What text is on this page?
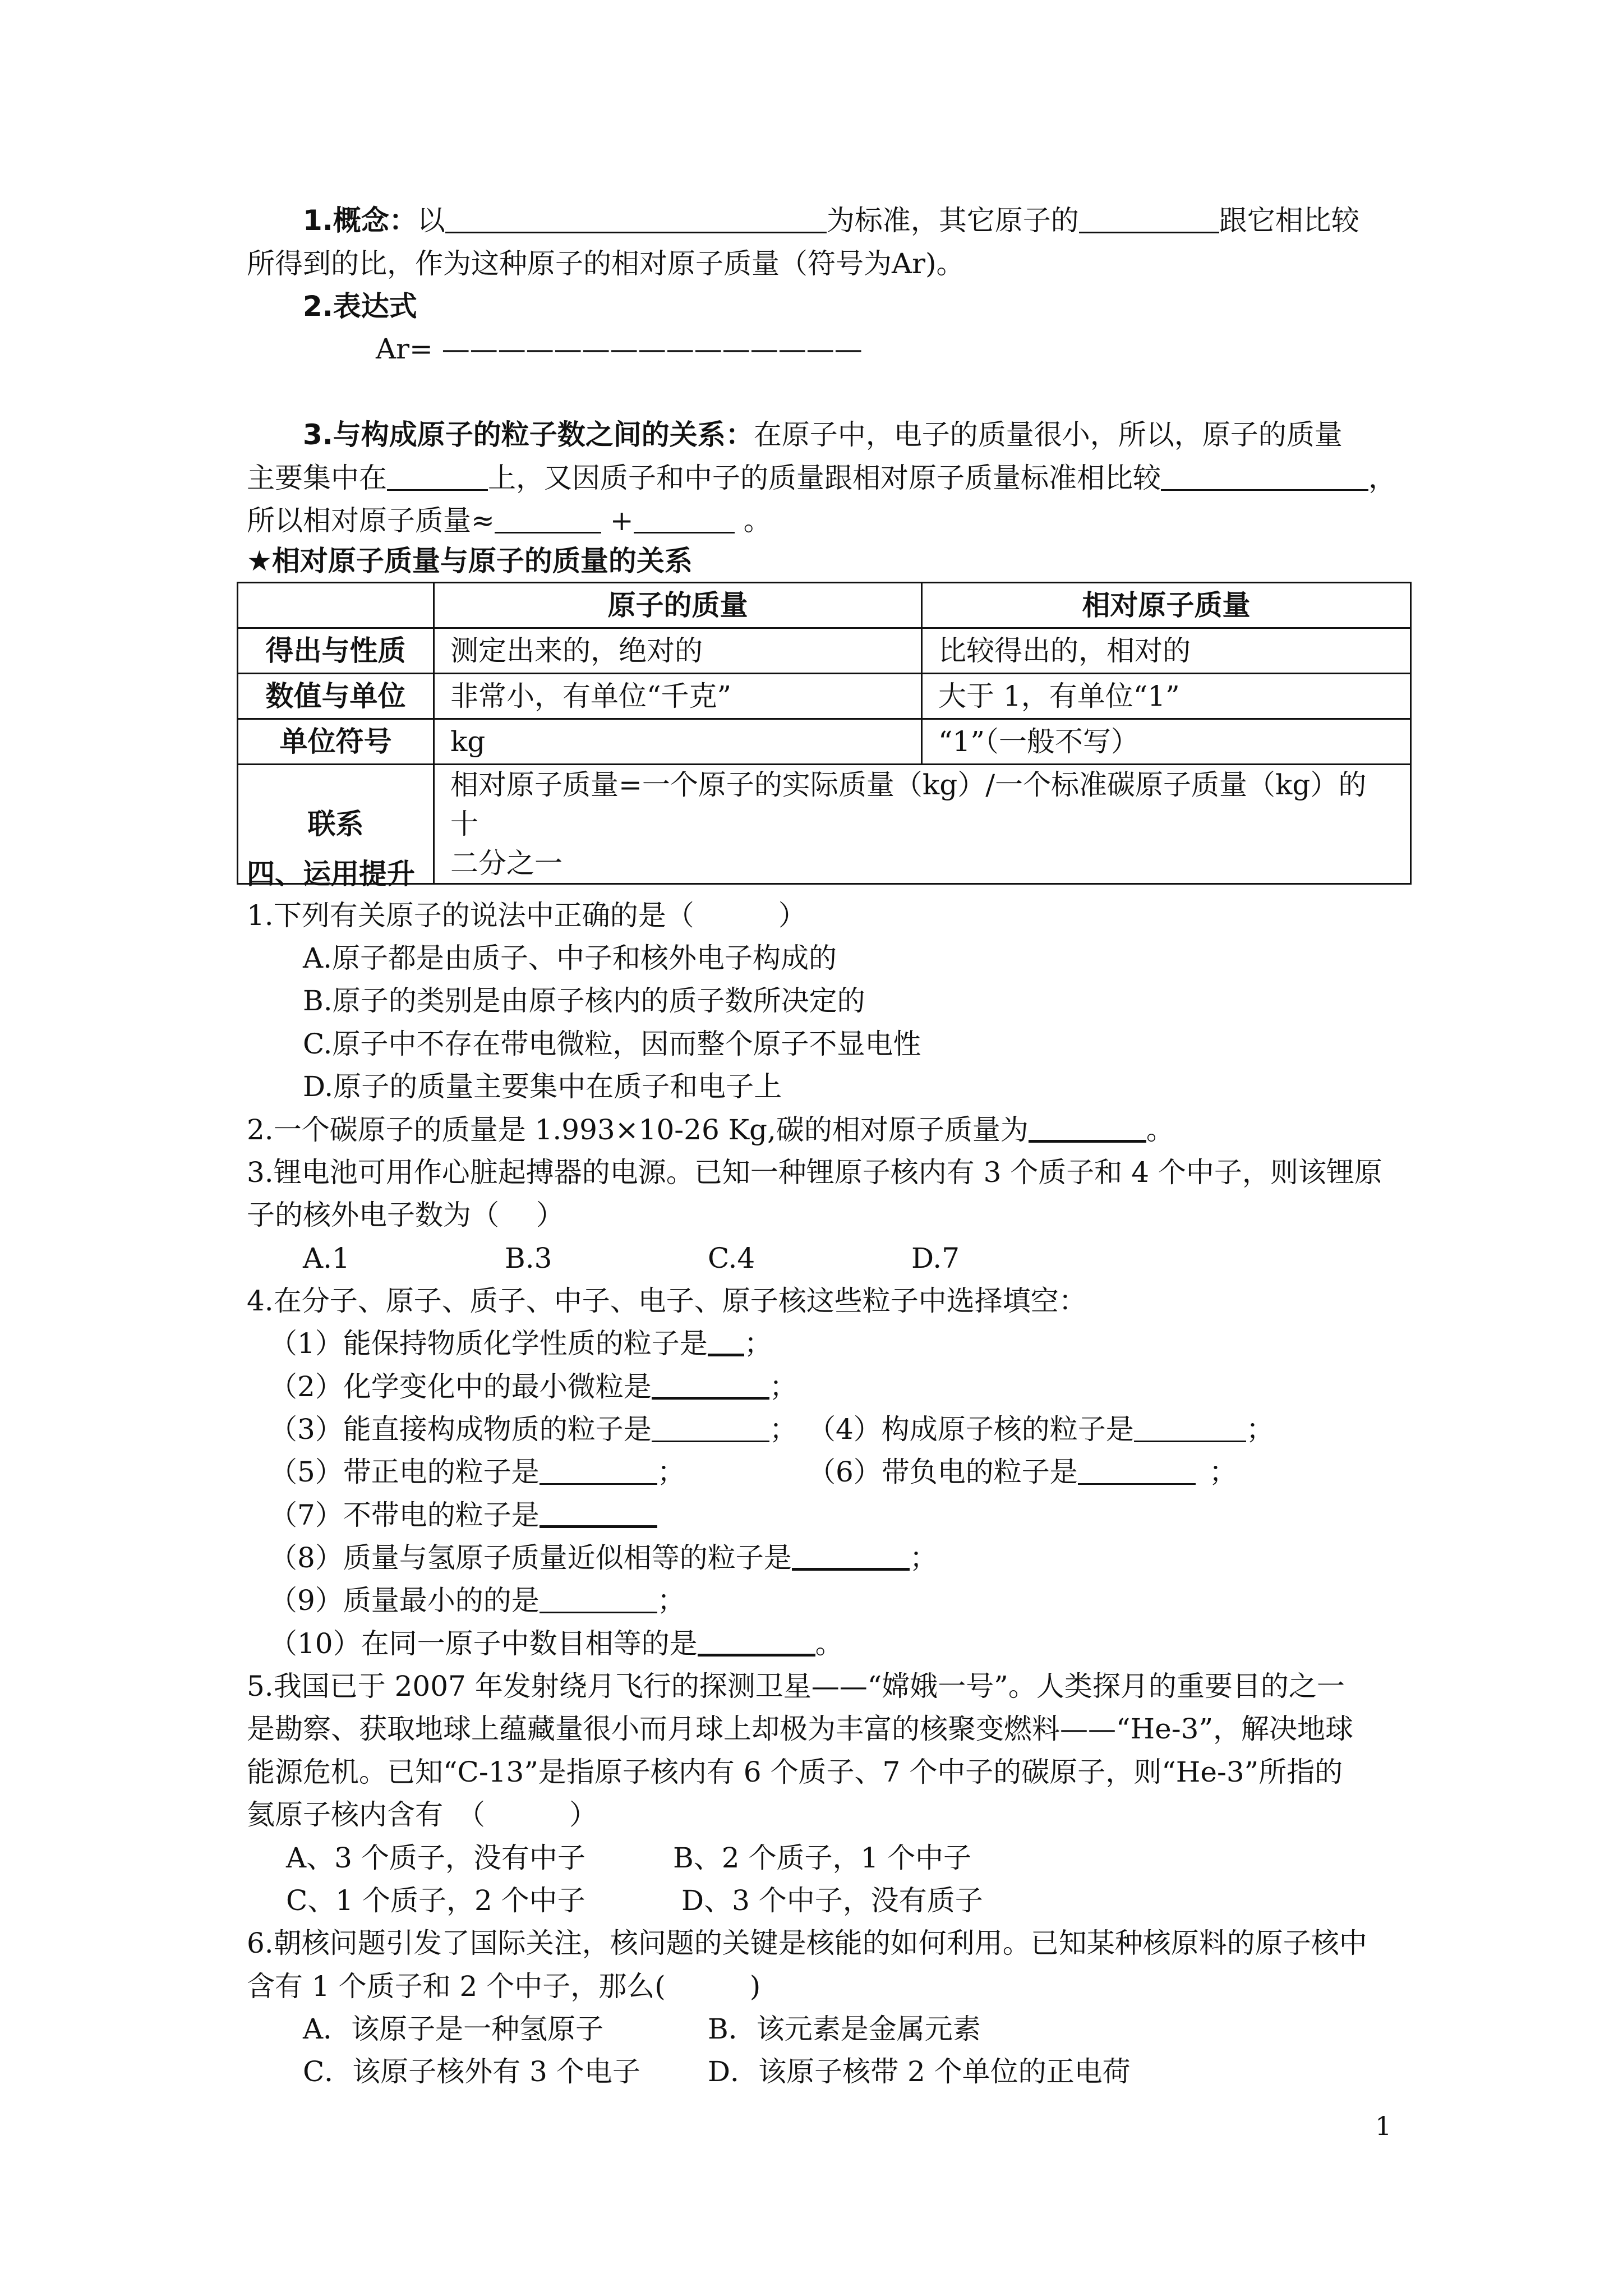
1.概念：以	为标准，其它原子的	跟它相比较
所得到的比，作为这种原子的相对原子质量（符号为Ar)。
2.表达式
Ar= ———————————————
3.与构成原子的粒子数之间的关系：在原子中，电子的质量很小，所以，原子的质量
主要集中在	上，又因质子和中子的质量跟相对原子质量标准相比较	，
所以相对原子质量≈	+	。
★相对原子质量与原子的质量的关系
	原子的质量	相对原子质量
得出与性质	测定出来的，绝对的	比较得出的，相对的
数值与单位	非常小，有单位“千克”	大于 1，有单位“1”
单位符号	kg	“1”（一般不写）
联系	相对原子质量=一个原子的实际质量（kg）/一个标准碳原子质量（kg）的十
二分之一	
四、运用提升
1.下列有关原子的说法中正确的是（　　　）
A.原子都是由质子、中子和核外电子构成的
B.原子的类别是由原子核内的质子数所决定的
C.原子中不存在带电微粒，因而整个原子不显电性
D.原子的质量主要集中在质子和电子上
2.一个碳原子的质量是 1.993×10-26 Kg,碳的相对原子质量为	。
3.锂电池可用作心脏起搏器的电源。已知一种锂原子核内有 3 个质子和 4 个中子，则该锂原
子的核外电子数为（　 ）
A.1	B.3	C.4	D.7
4.在分子、原子、质子、中子、电子、原子核这些粒子中选择填空：
（1）能保持物质化学性质的粒子是 ；
（2）化学变化中的最小微粒是	；
（3）能直接构成物质的粒子是	； （4）构成原子核的粒子是	；
（5）带正电的粒子是	；	（6）带负电的粒子是	；
（7）不带电的粒子是
（8）质量与氢原子质量近似相等的粒子是	；
（9）质量最小的的是	；
（10）在同一原子中数目相等的是	。
5.我国已于 2007 年发射绕月飞行的探测卫星——“嫦娥一号”。人类探月的重要目的之一
是勘察、获取地球上蕴藏量很小而月球上却极为丰富的核聚变燃料——“He-3”，解决地球
能源危机。已知“C-13”是指原子核内有 6 个质子、7 个中子的碳原子，则“He-3”所指的
氦原子核内含有　（　　　）
A、3 个质子，没有中子	B、2 个质子，1 个中子
C、1 个质子，2 个中子	D、3 个中子，没有质子
6.朝核问题引发了国际关注，核问题的关键是核能的如何利用。已知某种核原料的原子核中
含有 1 个质子和 2 个中子，那么(　　　)
A．该原子是一种氢原子	B．该元素是金属元素
C．该原子核外有 3 个电子 D．该原子核带 2 个单位的正电荷
1
